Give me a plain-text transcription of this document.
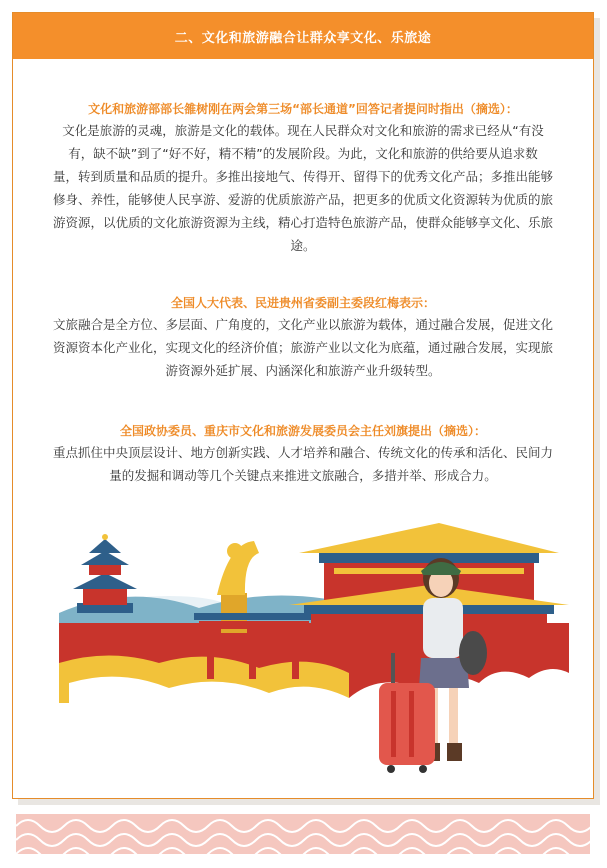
二、文化和旅游融合让群众享文化、乐旅途
文化和旅游部部长雒树刚在两会第三场“部长通道”回答记者提问时指出（摘选）：
文化是旅游的灵魂，旅游是文化的载体。现在人民群众对文化和旅游的需求已经从“有没
有，缺不缺”到了“好不好，精不精”的发展阶段。为此，文化和旅游的供给要从追求数
量，转到质量和品质的提升。多推出接地气、传得开、留得下的优秀文化产品；多推出能够
修身、养性，能够使人民享游、爱游的优质旅游产品，把更多的优质文化资源转为优质的旅
游资源，以优质的文化旅游资源为主线，精心打造特色旅游产品，使群众能够享文化、乐旅
途。
全国人大代表、民进贵州省委副主委段红梅表示：
文旅融合是全方位、多层面、广角度的，文化产业以旅游为载体，通过融合发展，促进文化
资源资本化产业化，实现文化的经济价值；旅游产业以文化为底蕴，通过融合发展，实现旅
游资源外延扩展、内涵深化和旅游产业升级转型。
全国政协委员、重庆市文化和旅游发展委员会主任刘旗提出（摘选）：
重点抓住中央顶层设计、地方创新实践、人才培养和融合、传统文化的传承和活化、民间力
量的发掘和调动等几个关键点来推进文旅融合，多措并举、形成合力。
